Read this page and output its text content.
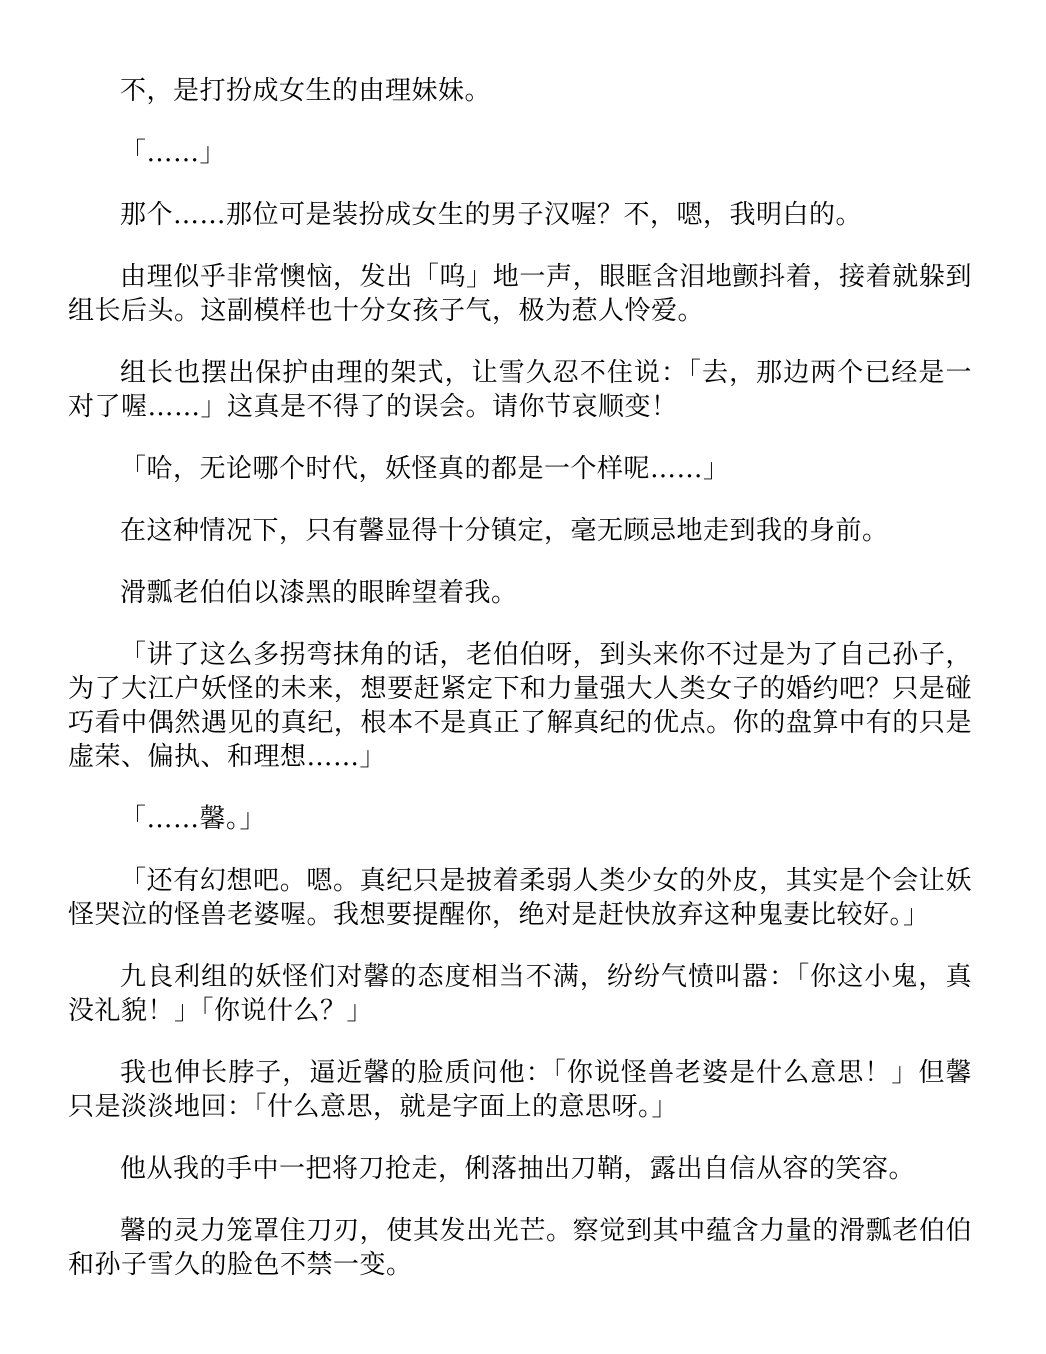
不，是打扮成女生的由理妹妹。

「……」

那个……那位可是装扮成女生的男子汉喔？不，嗯，我明白的。

由理似乎非常懊恼，发出「呜」地一声，眼眶含泪地颤抖着，接着就躲到组长后头。这副模样也十分女孩子气，极为惹人怜爱。

组长也摆出保护由理的架式，让雪久忍不住说：「去，那边两个已经是一对了喔……」这真是不得了的误会。请你节哀顺变！

「哈，无论哪个时代，妖怪真的都是一个样呢……」

在这种情况下，只有馨显得十分镇定，毫无顾忌地走到我的身前。

滑瓢老伯伯以漆黑的眼眸望着我。

「讲了这么多拐弯抹角的话，老伯伯呀，到头来你不过是为了自己孙子，为了大江户妖怪的未来，想要赶紧定下和力量强大人类女子的婚约吧？只是碰巧看中偶然遇见的真纪，根本不是真正了解真纪的优点。你的盘算中有的只是虚荣、偏执、和理想……」

「……馨。」

「还有幻想吧。嗯。真纪只是披着柔弱人类少女的外皮，其实是个会让妖怪哭泣的怪兽老婆喔。我想要提醒你，绝对是赶快放弃这种鬼妻比较好。」

九良利组的妖怪们对馨的态度相当不满，纷纷气愤叫嚣：「你这小鬼，真没礼貌！」「你说什么？」

我也伸长脖子，逼近馨的脸质问他：「你说怪兽老婆是什么意思！」但馨只是淡淡地回：「什么意思，就是字面上的意思呀。」

他从我的手中一把将刀抢走，俐落抽出刀鞘，露出自信从容的笑容。

馨的灵力笼罩住刀刃，使其发出光芒。察觉到其中蕴含力量的滑瓢老伯伯和孙子雪久的脸色不禁一变。
